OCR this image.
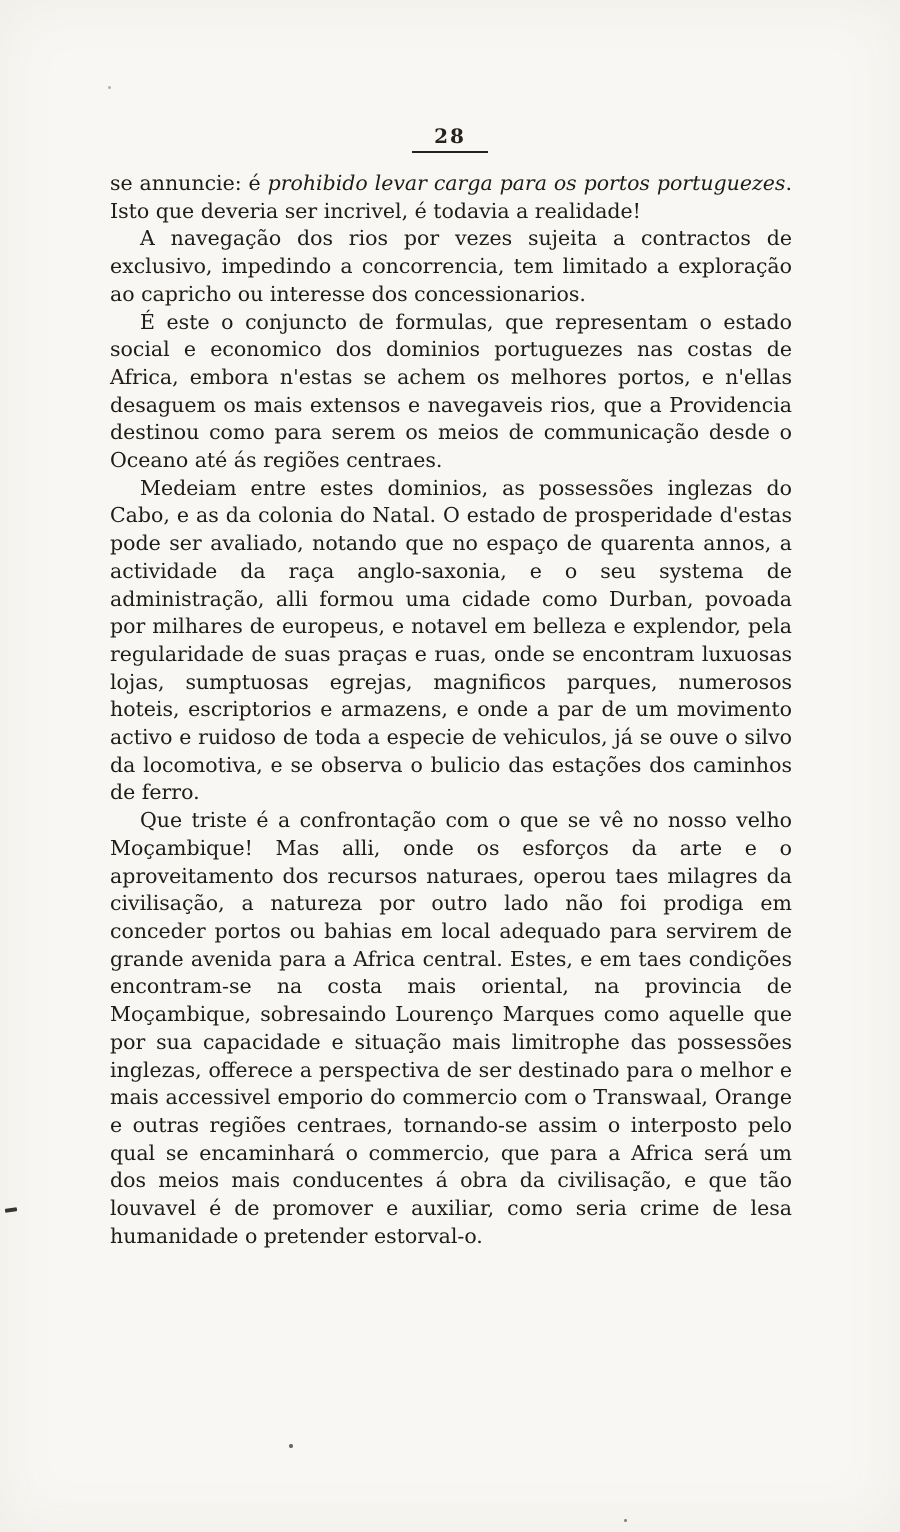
28

se annuncie: é prohibido levar carga para os portos portuguezes. Isto que deveria ser incrivel, é todavia a realidade!

A navegação dos rios por vezes sujeita a contractos de exclusivo, impedindo a concorrencia, tem limitado a exploração ao capricho ou interesse dos concessionarios.

É este o conjuncto de formulas, que representam o estado social e economico dos dominios portuguezes nas costas de Africa, embora n'estas se achem os melhores portos, e n'ellas desaguem os mais extensos e navegaveis rios, que a Providencia destinou como para serem os meios de communicação desde o Oceano até ás regiões centraes.

Medeiam entre estes dominios, as possessões inglezas do Cabo, e as da colonia do Natal. O estado de prosperidade d'estas pode ser avaliado, notando que no espaço de quarenta annos, a actividade da raça anglo-saxonia, e o seu systema de administração, alli formou uma cidade como Durban, povoada por milhares de europeus, e notavel em belleza e explendor, pela regularidade de suas praças e ruas, onde se encontram luxuosas lojas, sumptuosas egrejas, magnificos parques, numerosos hoteis, escriptorios e armazens, e onde a par de um movimento activo e ruidoso de toda a especie de vehiculos, já se ouve o silvo da locomotiva, e se observa o bulicio das estações dos caminhos de ferro.

Que triste é a confrontação com o que se vê no nosso velho Moçambique! Mas alli, onde os esforços da arte e o aproveitamento dos recursos naturaes, operou taes milagres da civilisação, a natureza por outro lado não foi prodiga em conceder portos ou bahias em local adequado para servirem de grande avenida para a Africa central. Estes, e em taes condições encontram-se na costa mais oriental, na provincia de Moçambique, sobresaindo Lourenço Marques como aquelle que por sua capacidade e situação mais limitrophe das possessões inglezas, offerece a perspectiva de ser destinado para o melhor e mais accessivel emporio do commercio com o Transwaal, Orange e outras regiões centraes, tornando-se assim o interposto pelo qual se encaminhará o commercio, que para a Africa será um dos meios mais conducentes á obra da civilisação, e que tão louvavel é de promover e auxiliar, como seria crime de lesa humanidade o pretender estorval-o.
